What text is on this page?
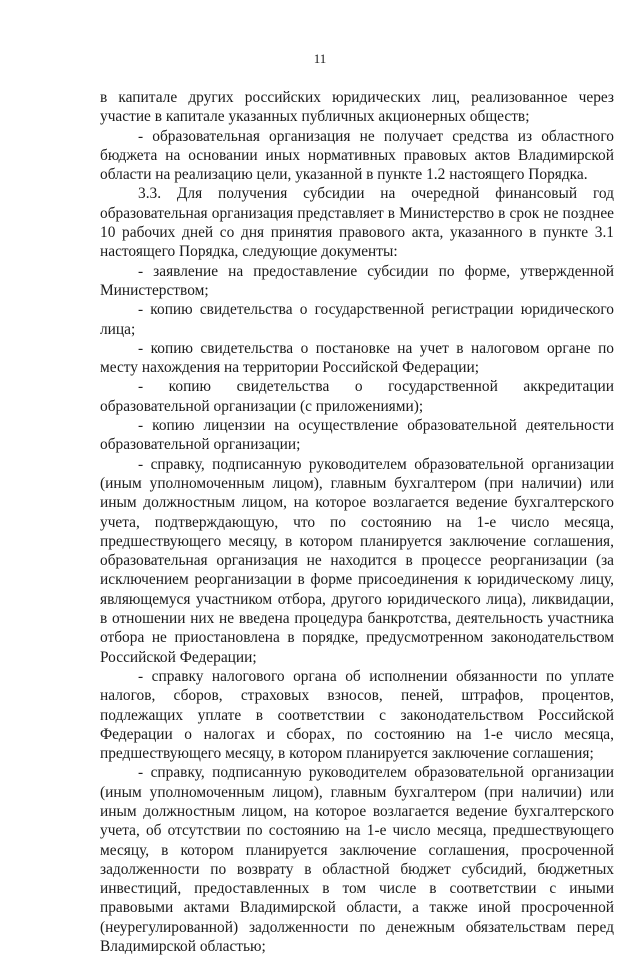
11

в капитале других российских юридических лиц, реализованное через участие в капитале указанных публичных акционерных обществ;

- образовательная организация не получает средства из областного бюджета на основании иных нормативных правовых актов Владимирской области на реализацию цели, указанной в пункте 1.2 настоящего Порядка.

3.3. Для получения субсидии на очередной финансовый год образовательная организация представляет в Министерство в срок не позднее 10 рабочих дней со дня принятия правового акта, указанного в пункте 3.1 настоящего Порядка, следующие документы:

- заявление на предоставление субсидии по форме, утвержденной Министерством;

- копию свидетельства о государственной регистрации юридического лица;

- копию свидетельства о постановке на учет в налоговом органе по месту нахождения на территории Российской Федерации;

- копию свидетельства о государственной аккредитации образовательной организации (с приложениями);

- копию лицензии на осуществление образовательной деятельности образовательной организации;

- справку, подписанную руководителем образовательной организации (иным уполномоченным лицом), главным бухгалтером (при наличии) или иным должностным лицом, на которое возлагается ведение бухгалтерского учета, подтверждающую, что по состоянию на 1-е число месяца, предшествующего месяцу, в котором планируется заключение соглашения, образовательная организация не находится в процессе реорганизации (за исключением реорганизации в форме присоединения к юридическому лицу, являющемуся участником отбора, другого юридического лица), ликвидации, в отношении них не введена процедура банкротства, деятельность участника отбора не приостановлена в порядке, предусмотренном законодательством Российской Федерации;

- справку налогового органа об исполнении обязанности по уплате налогов, сборов, страховых взносов, пеней, штрафов, процентов, подлежащих уплате в соответствии с законодательством Российской Федерации о налогах и сборах, по состоянию на 1-е число месяца, предшествующего месяцу, в котором планируется заключение соглашения;

- справку, подписанную руководителем образовательной организации (иным уполномоченным лицом), главным бухгалтером (при наличии) или иным должностным лицом, на которое возлагается ведение бухгалтерского учета, об отсутствии по состоянию на 1-е число месяца, предшествующего месяцу, в котором планируется заключение соглашения, просроченной задолженности по возврату в областной бюджет субсидий, бюджетных инвестиций, предоставленных в том числе в соответствии с иными правовыми актами Владимирской области, а также иной просроченной (неурегулированной) задолженности по денежным обязательствам перед Владимирской областью;
